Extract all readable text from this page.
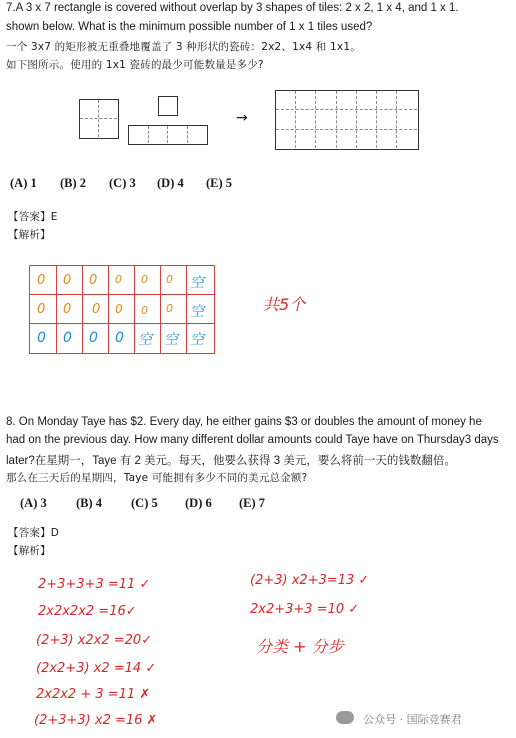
7.A 3 x 7 rectangle is covered without overlap by 3 shapes of tiles: 2 x 2, 1 x 4, and 1 x 1.
shown below. What is the minimum possible number of 1 x 1 tiles used?
一个 3x7 的矩形被无重叠地覆盖了 3 种形状的瓷砖：2x2、1x4 和 1x1。
如下图所示。使用的 1x1 瓷砖的最少可能数量是多少?
→
(A) 1 (B) 2 (C) 3 (D) 4 (E) 5
【答案】E
【解析】
0 0 0 0 0 0 空
0 0 0 0 0 0 空
0 0 0 0 空 空 空
共5个
8. On Monday Taye has $2. Every day, he either gains $3 or doubles the amount of money he
had on the previous day. How many different dollar amounts could Taye have on Thursday3 days
later?在星期一，Taye 有 2 美元。每天，他要么获得 3 美元，要么将前一天的钱数翻倍。
那么在三天后的星期四，Taye 可能拥有多少不同的美元总金额?
(A) 3 (B) 4 (C) 5 (D) 6 (E) 7
【答案】D
【解析】
2+3+3+3 =11 ✓
2x2x2x2 =16✓
(2+3) x2x2 =20✓
(2x2+3) x2 =14 ✓
2x2x2 + 3 =11 ✗
(2+3+3) x2 =16 ✗
(2+3) x2+3=13 ✓
2x2+3+3 =10 ✓
分类 + 分步
公众号 · 国际竞赛君
